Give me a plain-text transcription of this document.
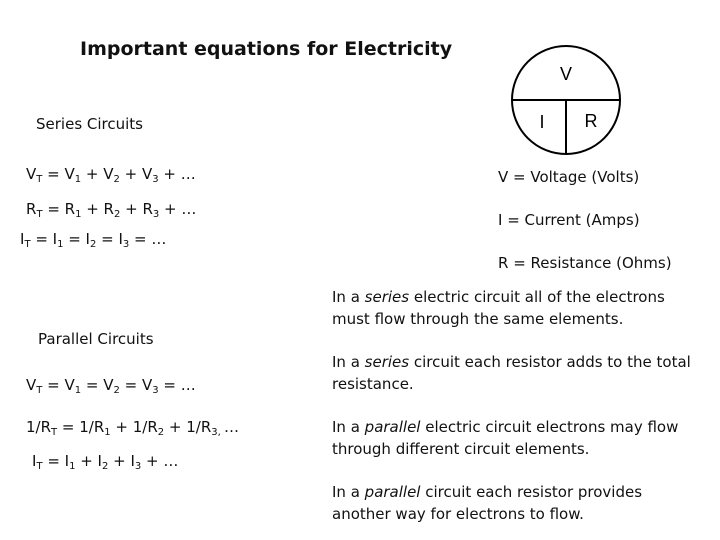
Important equations for Electricity
Series Circuits
$V_T = V_1 + V_2 + V_3$ + …
$R_T = R_1 + R_2 + R_3$ + …
$I_T = I_1 = I_2 = I_3$ = …
Parallel Circuits
$V_T = V_1 = V_2 = V_3$ = …
$1/R_T = 1/R_1 + 1/R_2 + 1/R_{3,}$ …
$I_T = I_1 + I_2 + I_3$ + …
V
I R
V = Voltage (Volts)
I = Current (Amps)
R = Resistance (Ohms)
In a series electric circuit all of the electrons must flow through the same elements.
In a series circuit each resistor adds to the total resistance.
In a parallel electric circuit electrons may flow through different circuit elements.
In a parallel circuit each resistor provides another way for electrons to flow.
